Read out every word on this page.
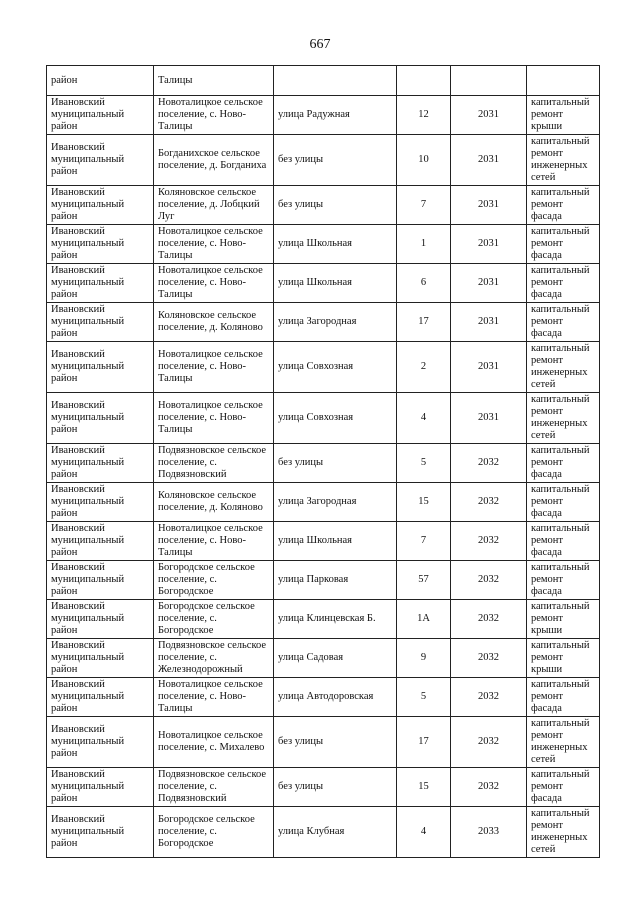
667
район	Талицы				
Ивановский муниципальный район	Новоталицкое сельское поселение, с. Ново-Талицы	улица Радужная	12	2031	капитальный ремонт крыши
Ивановский муниципальный район	Богданихское сельское поселение, д. Богданиха	без улицы	10	2031	капитальный ремонт инженерных сетей
Ивановский муниципальный район	Коляновское сельское поселение, д. Лобцкий Луг	без улицы	7	2031	капитальный ремонт фасада
Ивановский муниципальный район	Новоталицкое сельское поселение, с. Ново-Талицы	улица Школьная	1	2031	капитальный ремонт фасада
Ивановский муниципальный район	Новоталицкое сельское поселение, с. Ново-Талицы	улица Школьная	6	2031	капитальный ремонт фасада
Ивановский муниципальный район	Коляновское сельское поселение, д. Коляново	улица Загородная	17	2031	капитальный ремонт фасада
Ивановский муниципальный район	Новоталицкое сельское поселение, с. Ново-Талицы	улица Совхозная	2	2031	капитальный ремонт инженерных сетей
Ивановский муниципальный район	Новоталицкое сельское поселение, с. Ново-Талицы	улица Совхозная	4	2031	капитальный ремонт инженерных сетей
Ивановский муниципальный район	Подвязновское сельское поселение, с. Подвязновский	без улицы	5	2032	капитальный ремонт фасада
Ивановский муниципальный район	Коляновское сельское поселение, д. Коляново	улица Загородная	15	2032	капитальный ремонт фасада
Ивановский муниципальный район	Новоталицкое сельское поселение, с. Ново-Талицы	улица Школьная	7	2032	капитальный ремонт фасада
Ивановский муниципальный район	Богородское сельское поселение, с. Богородское	улица Парковая	57	2032	капитальный ремонт фасада
Ивановский муниципальный район	Богородское сельское поселение, с. Богородское	улица Клинцевская Б.	1А	2032	капитальный ремонт крыши
Ивановский муниципальный район	Подвязновское сельское поселение, с. Железнодорожный	улица Садовая	9	2032	капитальный ремонт крыши
Ивановский муниципальный район	Новоталицкое сельское поселение, с. Ново-Талицы	улица Автодоровская	5	2032	капитальный ремонт фасада
Ивановский муниципальный район	Новоталицкое сельское поселение, с. Михалево	без улицы	17	2032	капитальный ремонт инженерных сетей
Ивановский муниципальный район	Подвязновское сельское поселение, с. Подвязновский	без улицы	15	2032	капитальный ремонт фасада
Ивановский муниципальный район	Богородское сельское поселение, с. Богородское	улица Клубная	4	2033	капитальный ремонт инженерных сетей
